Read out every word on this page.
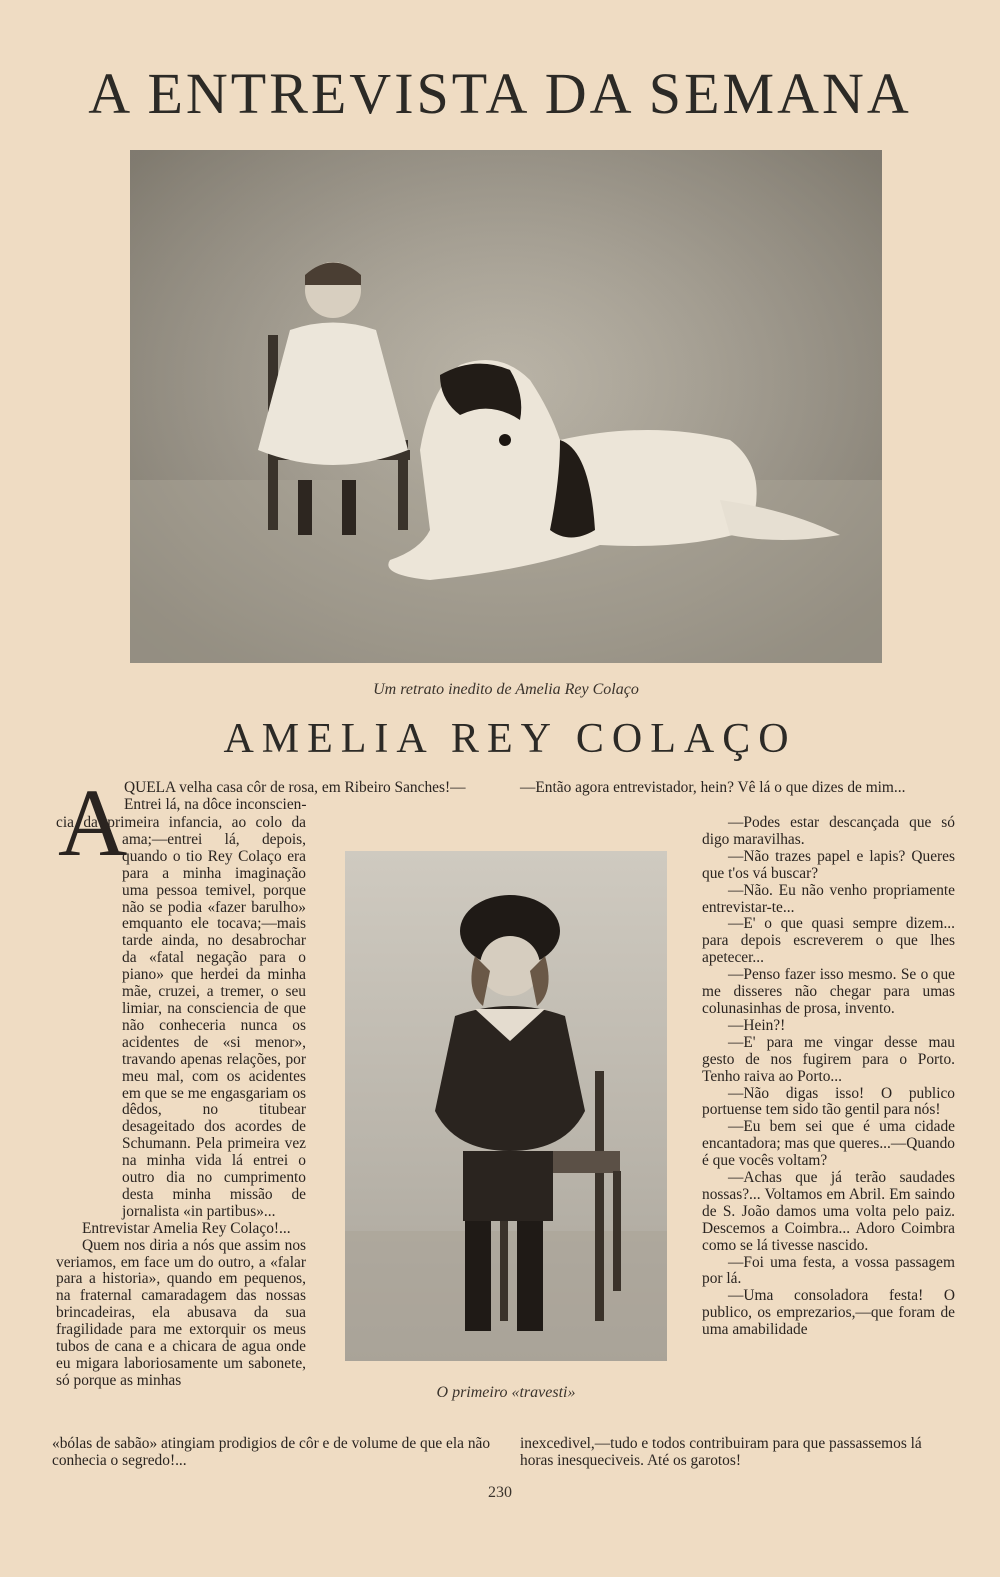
A ENTREVISTA DA SEMANA
Um retrato inedito de Amelia Rey Colaço
AMELIA REY COLAÇO
A
QUELA velha casa côr de rosa, em Ribeiro Sanches!—Entrei lá, na dôce inconscien-

cia da primeira infancia, ao colo da ama;—entrei lá, depois, quando o tio Rey Colaço era para a minha imaginação uma pessoa temivel, porque não se podia «fazer barulho» emquanto ele tocava;—mais tarde ainda, no desabrochar da «fatal negação para o piano» que herdei da minha mãe, cruzei, a tremer, o seu limiar, na consciencia de que não conheceria nunca os acidentes de «si menor», travando apenas relações, por meu mal, com os acidentes em que se me engasgariam os dêdos, no titubear desageitado dos acordes de Schumann. Pela primeira vez na minha vida lá entrei o outro dia no cumprimento desta minha missão de jornalista «in partibus»...

Entrevistar Amelia Rey Colaço!...

Quem nos diria a nós que assim nos veriamos, em face um do outro, a «falar para a historia», quando em pequenos, na fraternal camaradagem das nossas brincadeiras, ela abusava da sua fragilidade para me extorquir os meus tubos de cana e a chicara de agua onde eu migara laboriosamente um sabonete, só porque as minhas

«bólas de sabão» atingiam prodigios de côr e de volume de que ela não conhecia o segredo!...
O primeiro «travesti»
—Então agora entrevistador, hein? Vê lá o que dizes de mim...

—Podes estar descançada que só digo maravilhas.

—Não trazes papel e lapis? Queres que t'os vá buscar?

—Não. Eu não venho propriamente entrevistar-te...

—E' o que quasi sempre dizem... para depois escreverem o que lhes apetecer...

—Penso fazer isso mesmo. Se o que me disseres não chegar para umas colunasinhas de prosa, invento.

—Hein?!

—E' para me vingar desse mau gesto de nos fugirem para o Porto. Tenho raiva ao Porto...

—Não digas isso! O publico portuense tem sido tão gentil para nós!

—Eu bem sei que é uma cidade encantadora; mas que queres...—Quando é que vocês voltam?

—Achas que já terão saudades nossas?... Voltamos em Abril. Em saindo de S. João damos uma volta pelo paiz. Descemos a Coimbra... Adoro Coimbra como se lá tivesse nascido.

—Foi uma festa, a vossa passagem por lá.

—Uma consoladora festa! O publico, os emprezarios,—que foram de uma amabilidade

inexcedivel,—tudo e todos contribuiram para que passassemos lá horas inesqueciveis. Até os garotos!
230
